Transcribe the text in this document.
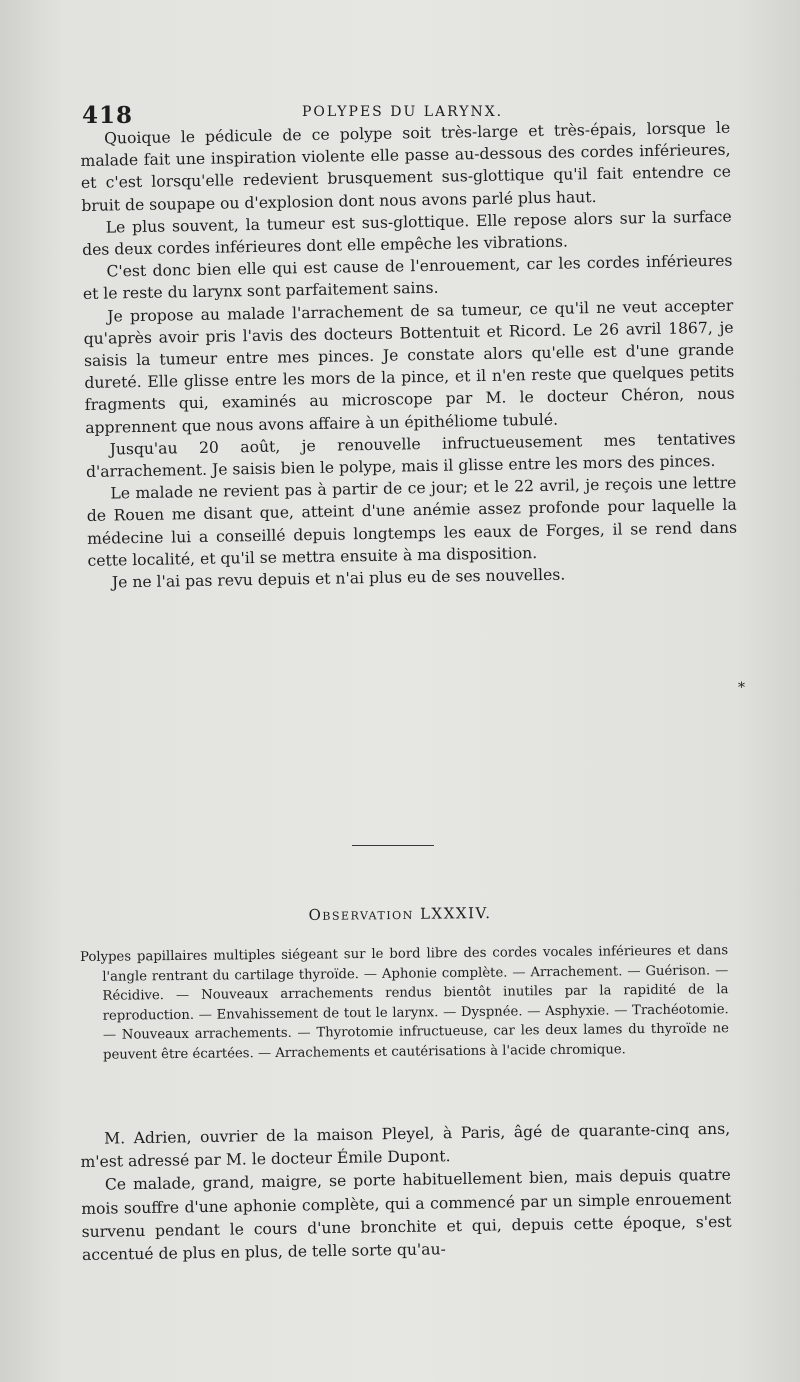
418	POLYPES DU LARYNX.

Quoique le pédicule de ce polype soit très-large et très-épais, lorsque le malade fait une inspiration violente elle passe au-dessous des cordes inférieures, et c'est lorsqu'elle redevient brusquement sus-glottique qu'il fait entendre ce bruit de soupape ou d'explosion dont nous avons parlé plus haut.

Le plus souvent, la tumeur est sus-glottique. Elle repose alors sur la surface des deux cordes inférieures dont elle empêche les vibrations.

C'est donc bien elle qui est cause de l'enrouement, car les cordes inférieures et le reste du larynx sont parfaitement sains.

Je propose au malade l'arrachement de sa tumeur, ce qu'il ne veut accepter qu'après avoir pris l'avis des docteurs Bottentuit et Ricord. Le 26 avril 1867, je saisis la tumeur entre mes pinces. Je constate alors qu'elle est d'une grande dureté. Elle glisse entre les mors de la pince, et il n'en reste que quelques petits fragments qui, examinés au microscope par M. le docteur Chéron, nous apprennent que nous avons affaire à un épithéliome tubulé.

Jusqu'au 20 août, je renouvelle infructueusement mes tentatives d'arrachement. Je saisis bien le polype, mais il glisse entre les mors des pinces.

Le malade ne revient pas à partir de ce jour; et le 22 avril, je reçois une lettre de Rouen me disant que, atteint d'une anémie assez profonde pour laquelle la médecine lui a conseillé depuis longtemps les eaux de Forges, il se rend dans cette localité, et qu'il se mettra ensuite à ma disposition.

Je ne l'ai pas revu depuis et n'ai plus eu de ses nouvelles.

*
Observation LXXXIV.

Polypes papillaires multiples siégeant sur le bord libre des cordes vocales inférieures et dans l'angle rentrant du cartilage thyroïde. — Aphonie complète. — Arrachement. — Guérison. — Récidive. — Nouveaux arrachements rendus bientôt inutiles par la rapidité de la reproduction. — Envahissement de tout le larynx. — Dyspnée. — Asphyxie. — Trachéotomie. — Nouveaux arrachements. — Thyrotomie infructueuse, car les deux lames du thyroïde ne peuvent être écartées. — Arrachements et cautérisations à l'acide chromique.

M. Adrien, ouvrier de la maison Pleyel, à Paris, âgé de quarante-cinq ans, m'est adressé par M. le docteur Émile Dupont.

Ce malade, grand, maigre, se porte habituellement bien, mais depuis quatre mois souffre d'une aphonie complète, qui a commencé par un simple enrouement survenu pendant le cours d'une bronchite et qui, depuis cette époque, s'est accentué de plus en plus, de telle sorte qu'au-
